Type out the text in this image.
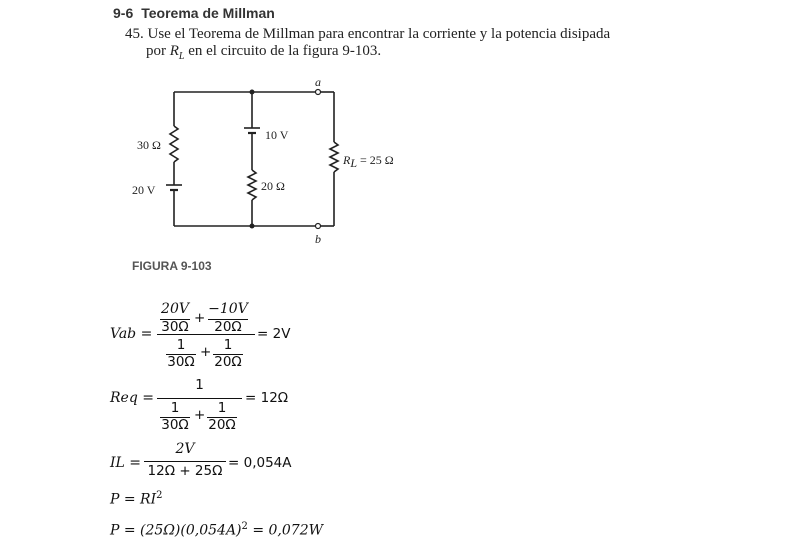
9-6 Teorema de Millman
45. Use el Teorema de Millman para encontrar la corriente y la potencia disipada
por $R_L$ en el circuito de la figura 9-103.
30 Ω
20 V
10 V
20 Ω
RL = 25 Ω
a
b
FIGURA 9-103
Vab =
20V
30Ω
+
−10V
20Ω
1
30Ω
+ 1
20Ω
= 2V
Req =
1
1
30Ω
+ 1
20Ω
= 12Ω
IL =
2V
12Ω + 25Ω = 0,054A
$P = RI^2$
$P = (25\Omega)(0,054A)^2 = 0,072W$
